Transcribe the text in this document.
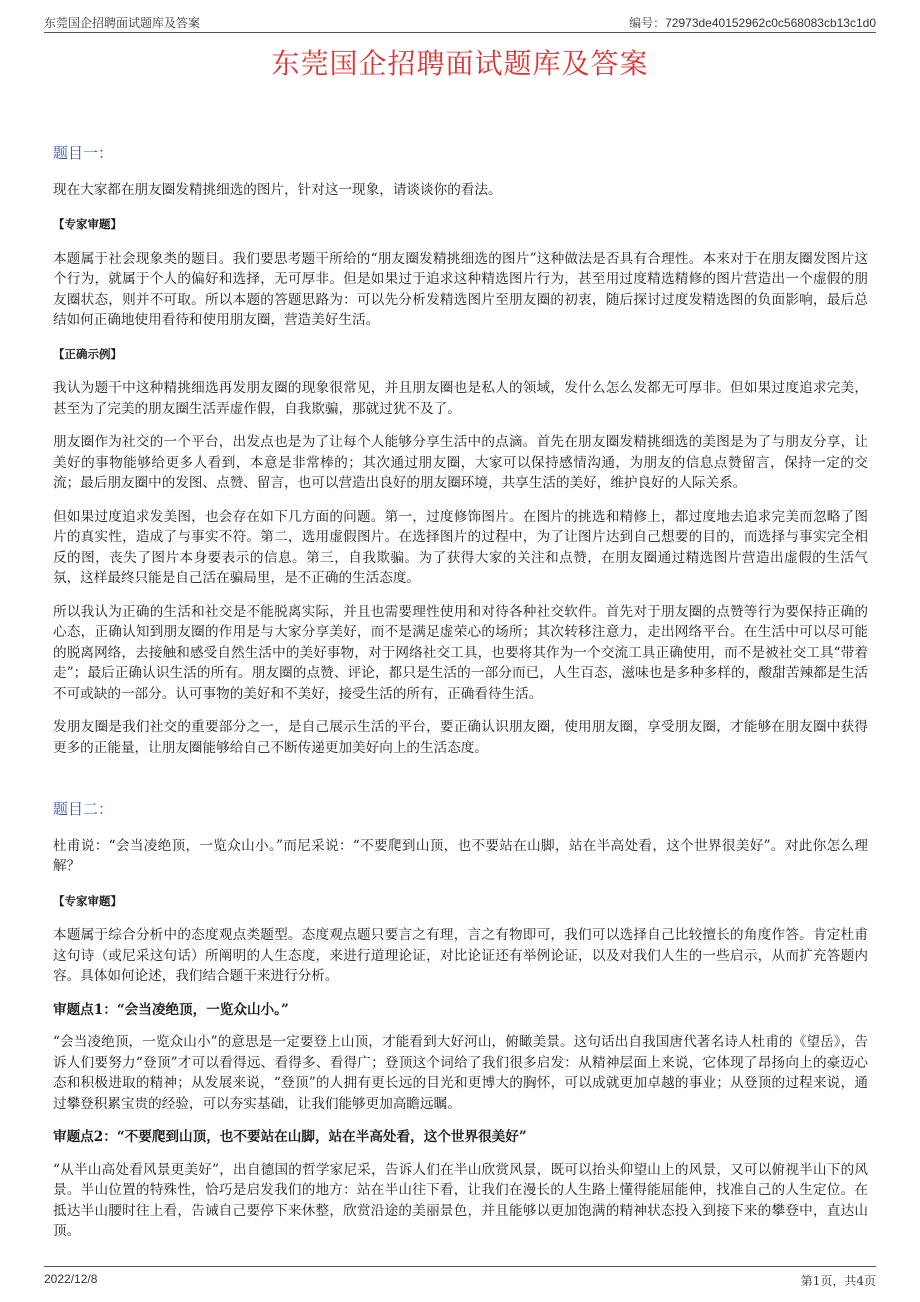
东莞国企招聘面试题库及答案	编号：72973de40152962c0c568083cb13c1d0
东莞国企招聘面试题库及答案
题目一：
现在大家都在朋友圈发精挑细选的图片，针对这一现象，请谈谈你的看法。
【专家审题】
本题属于社会现象类的题目。我们要思考题干所给的“朋友圈发精挑细选的图片”这种做法是否具有合理性。本来对于在朋友圈发图片这个行为，就属于个人的偏好和选择，无可厚非。但是如果过于追求这种精选图片行为，甚至用过度精选精修的图片营造出一个虚假的朋友圈状态，则并不可取。所以本题的答题思路为：可以先分析发精选图片至朋友圈的初衷，随后探讨过度发精选图的负面影响，最后总结如何正确地使用看待和使用朋友圈，营造美好生活。
【正确示例】
我认为题干中这种精挑细选再发朋友圈的现象很常见，并且朋友圈也是私人的领域，发什么怎么发都无可厚非。但如果过度追求完美，甚至为了完美的朋友圈生活弄虚作假，自我欺骗，那就过犹不及了。
朋友圈作为社交的一个平台，出发点也是为了让每个人能够分享生活中的点滴。首先在朋友圈发精挑细选的美图是为了与朋友分享，让美好的事物能够给更多人看到，本意是非常棒的；其次通过朋友圈，大家可以保持感情沟通，为朋友的信息点赞留言，保持一定的交流；最后朋友圈中的发图、点赞、留言，也可以营造出良好的朋友圈环境，共享生活的美好，维护良好的人际关系。
但如果过度追求发美图，也会存在如下几方面的问题。第一，过度修饰图片。在图片的挑选和精修上，都过度地去追求完美而忽略了图片的真实性，造成了与事实不符。第二，选用虚假图片。在选择图片的过程中，为了让图片达到自己想要的目的，而选择与事实完全相反的图，丧失了图片本身要表示的信息。第三，自我欺骗。为了获得大家的关注和点赞，在朋友圈通过精选图片营造出虚假的生活气氛，这样最终只能是自己活在骗局里，是不正确的生活态度。
所以我认为正确的生活和社交是不能脱离实际，并且也需要理性使用和对待各种社交软件。首先对于朋友圈的点赞等行为要保持正确的心态，正确认知到朋友圈的作用是与大家分享美好，而不是满足虚荣心的场所；其次转移注意力，走出网络平台。在生活中可以尽可能的脱离网络，去接触和感受自然生活中的美好事物，对于网络社交工具，也要将其作为一个交流工具正确使用，而不是被社交工具“带着走”；最后正确认识生活的所有。朋友圈的点赞、评论，都只是生活的一部分而已，人生百态，滋味也是多种多样的，酸甜苦辣都是生活不可或缺的一部分。认可事物的美好和不美好，接受生活的所有，正确看待生活。
发朋友圈是我们社交的重要部分之一，是自己展示生活的平台，要正确认识朋友圈，使用朋友圈，享受朋友圈，才能够在朋友圈中获得更多的正能量，让朋友圈能够给自己不断传递更加美好向上的生活态度。
题目二：
杜甫说：“会当凌绝顶，一览众山小。”而尼采说：“不要爬到山顶，也不要站在山脚，站在半高处看，这个世界很美好”。对此你怎么理解？
【专家审题】
本题属于综合分析中的态度观点类题型。态度观点题只要言之有理，言之有物即可，我们可以选择自己比较擅长的角度作答。肯定杜甫这句诗（或尼采这句话）所阐明的人生态度，来进行道理论证，对比论证还有举例论证，以及对我们人生的一些启示，从而扩充答题内容。具体如何论述，我们结合题干来进行分析。
审题点1：“会当凌绝顶，一览众山小。”
“会当凌绝顶，一览众山小”的意思是一定要登上山顶，才能看到大好河山，俯瞰美景。这句话出自我国唐代著名诗人杜甫的《望岳》，告诉人们要努力“登顶”才可以看得远、看得多、看得广；登顶这个词给了我们很多启发：从精神层面上来说，它体现了昂扬向上的豪迈心态和积极进取的精神；从发展来说，“登顶”的人拥有更长远的目光和更博大的胸怀，可以成就更加卓越的事业；从登顶的过程来说，通过攀登积累宝贵的经验，可以夯实基础，让我们能够更加高瞻远瞩。
审题点2：“不要爬到山顶，也不要站在山脚，站在半高处看，这个世界很美好”
“从半山高处看风景更美好”，出自德国的哲学家尼采，告诉人们在半山欣赏风景，既可以抬头仰望山上的风景，又可以俯视半山下的风景。半山位置的特殊性，恰巧是启发我们的地方：站在半山往下看，让我们在漫长的人生路上懂得能屈能伸，找准自己的人生定位。在抵达半山腰时往上看，告诫自己要停下来休整，欣赏沿途的美丽景色，并且能够以更加饱满的精神状态投入到接下来的攀登中，直达山顶。
2022/12/8	第1页，共4页
